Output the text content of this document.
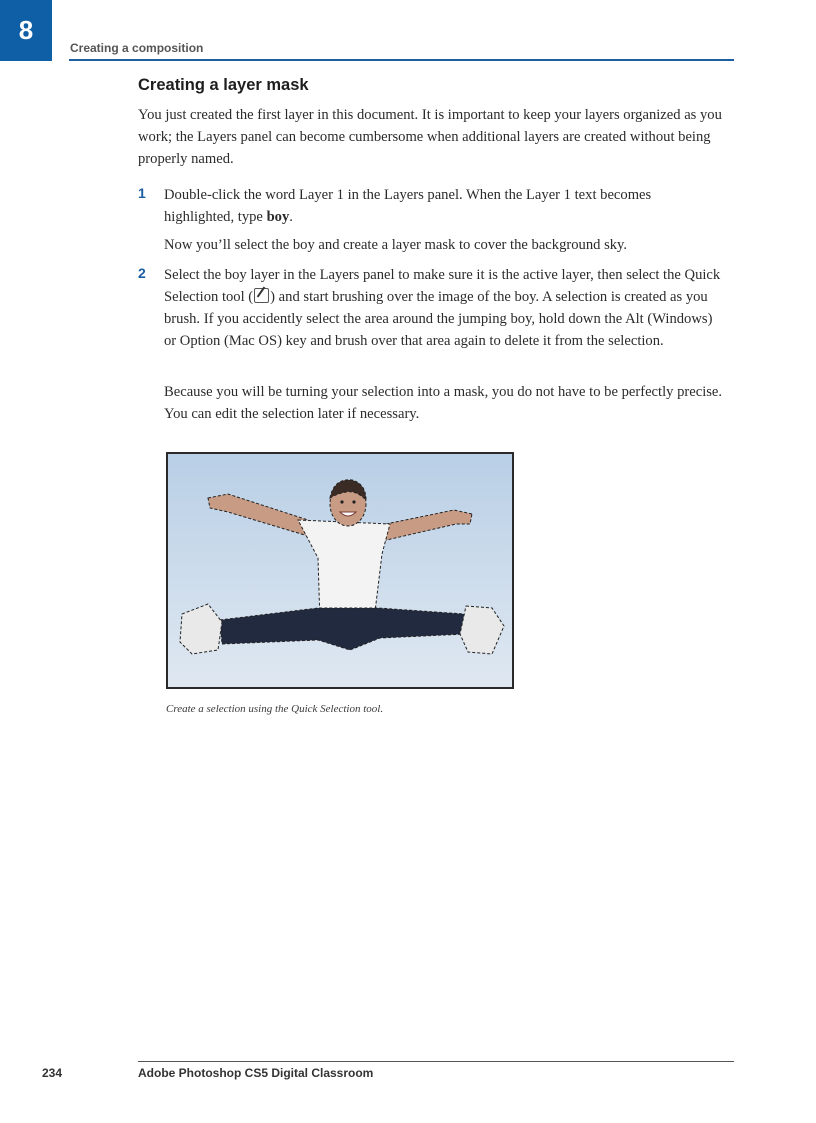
8
Creating a composition
Creating a layer mask

You just created the first layer in this document. It is important to keep your layers organized as you work; the Layers panel can become cumbersome when additional layers are created without being properly named.

1 Double-click the word Layer 1 in the Layers panel. When the Layer 1 text becomes highlighted, type boy.

Now you’ll select the boy and create a layer mask to cover the background sky.

2 Select the boy layer in the Layers panel to make sure it is the active layer, then select the Quick Selection tool ( ) and start brushing over the image of the boy. A selection is created as you brush. If you accidently select the area around the jumping boy, hold down the Alt (Windows) or Option (Mac OS) key and brush over that area again to delete it from the selection.

Because you will be turning your selection into a mask, you do not have to be perfectly precise. You can edit the selection later if necessary.

Create a selection using the Quick Selection tool.
234	Adobe Photoshop CS5 Digital Classroom
